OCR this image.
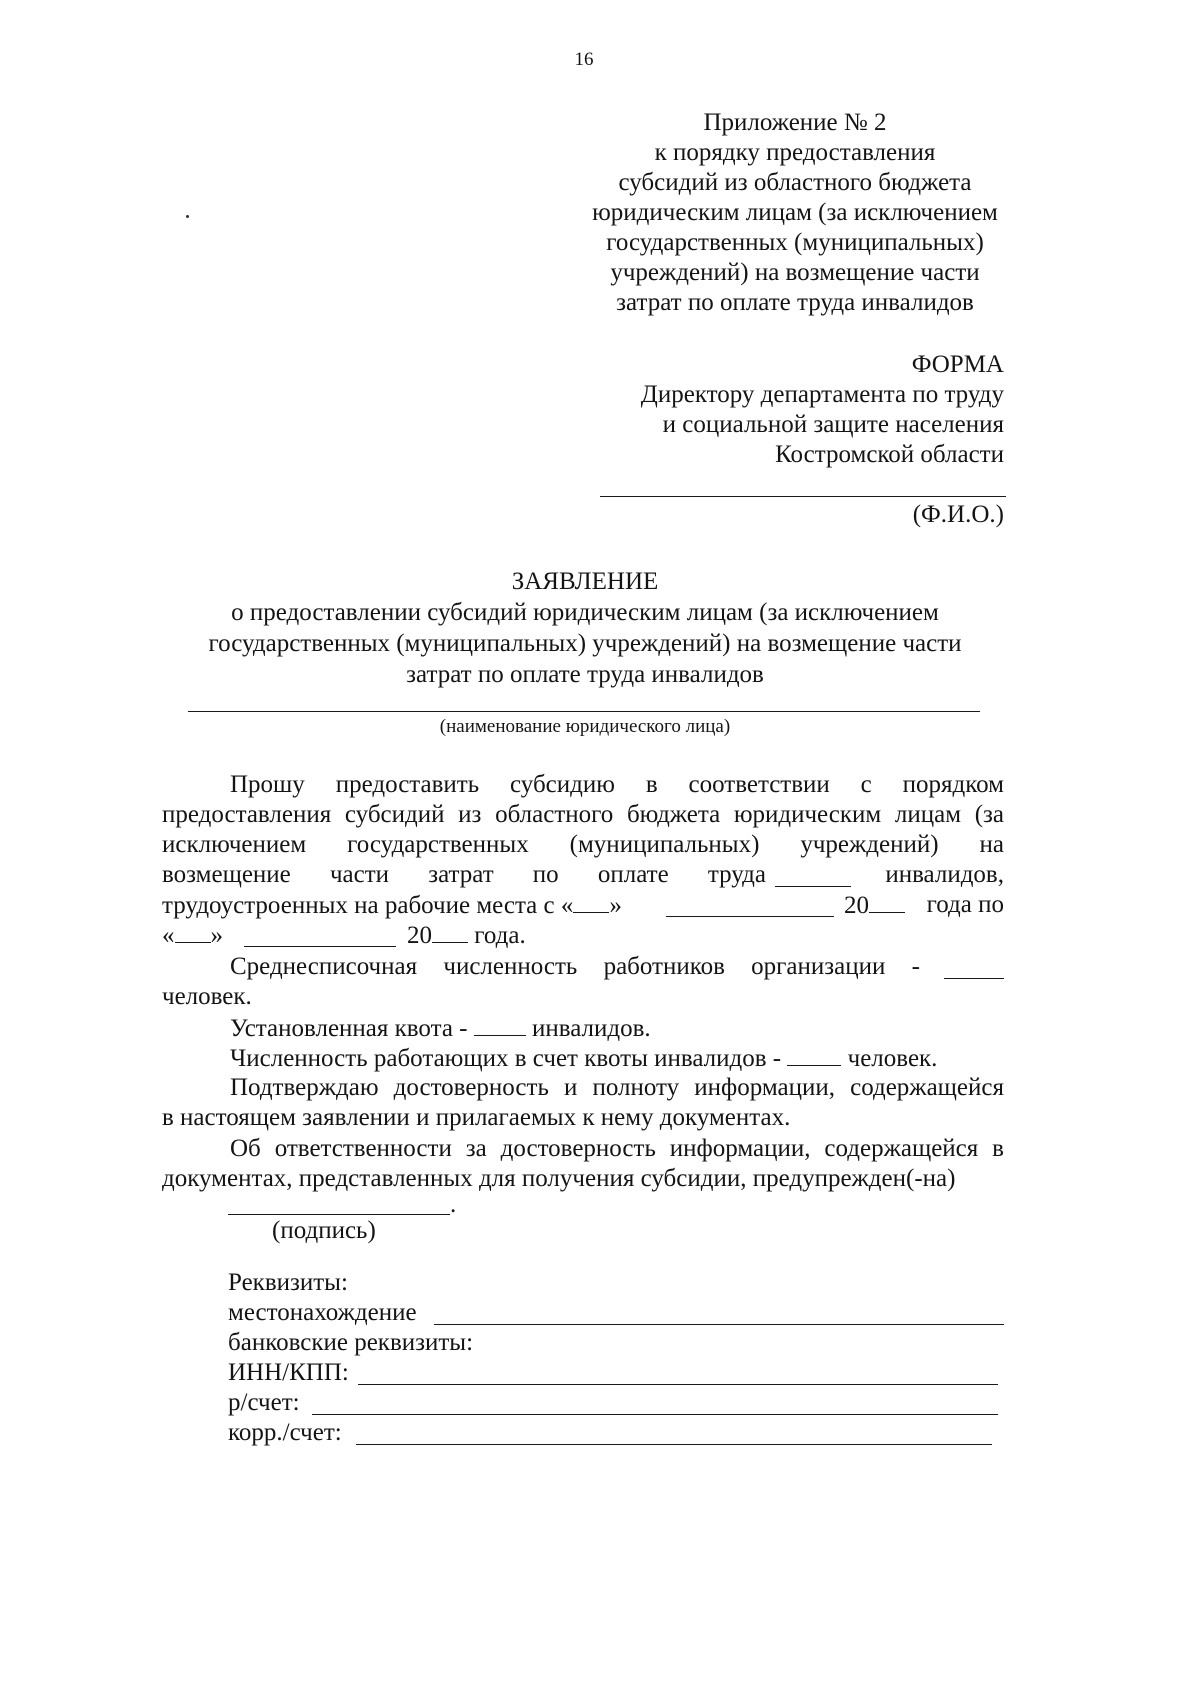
16
Приложение № 2
к порядку предоставления
субсидий из областного бюджета
юридическим лицам (за исключением
государственных (муниципальных)
учреждений) на возмещение части
затрат по оплате труда инвалидов
ФОРМА
Директору департамента по труду
и социальной защите населения
Костромской области
(Ф.И.О.)
ЗАЯВЛЕНИЕ
о предоставлении субсидий юридическим лицам (за исключением
государственных (муниципальных) учреждений) на возмещение части
затрат по оплате труда инвалидов
(наименование юридического лица)
Прошу предоставить субсидию в соответствии с порядком
предоставления субсидий из областного бюджета юридическим лицам (за
исключением государственных (муниципальных) учреждений) на
возмещение части затрат по оплате труда	инвалидов,
трудоустроенных на рабочие места с « »	20	года по
« »	20 года.
Среднесписочная численность работников организации -
человек.
Установленная квота -	инвалидов.
Численность работающих в счет квоты инвалидов -	человек.
Подтверждаю достоверность и полноту информации, содержащейся
в настоящем заявлении и прилагаемых к нему документах.
Об ответственности за достоверность информации, содержащейся в
документах, представленных для получения субсидии, предупрежден(-на)
.
(подпись)
Реквизиты:
местонахождение
банковские реквизиты:
ИНН/КПП:
р/счет:
корр./счет:
